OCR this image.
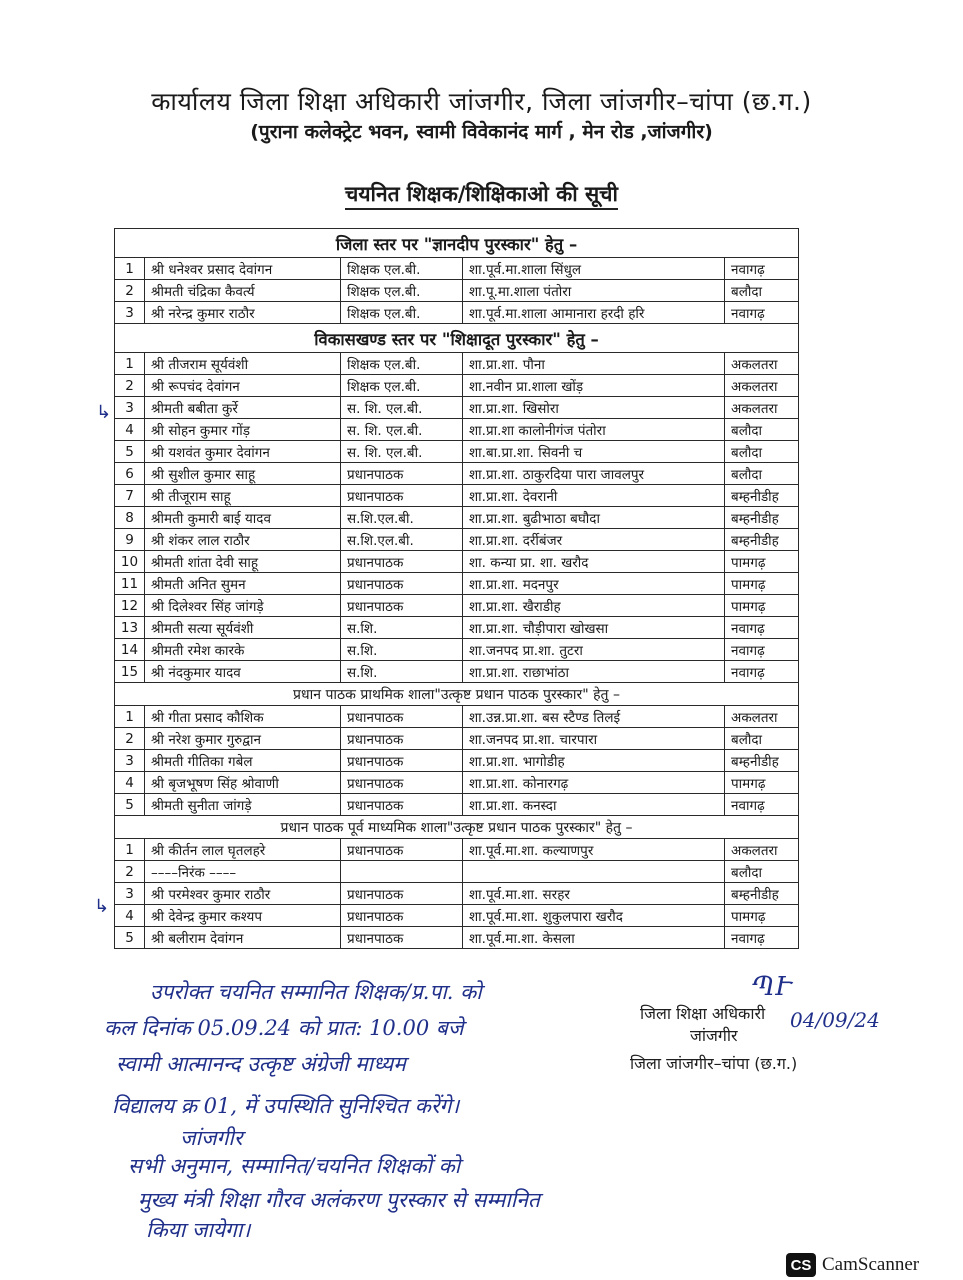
कार्यालय जिला शिक्षा अधिकारी जांजगीर, जिला जांजगीर–चांपा (छ.ग.)
(पुराना कलेक्ट्रेट भवन, स्वामी विवेकानंद मार्ग , मेन रोड ,जांजगीर)
चयनित शिक्षक/शिक्षिकाओ की सूची
जिला स्तर पर "ज्ञानदीप पुरस्कार" हेतु –				
1	श्री धनेश्वर प्रसाद देवांगन	शिक्षक एल.बी.	शा.पूर्व.मा.शाला सिंधुल	नवागढ़
2	श्रीमती चंद्रिका कैवर्त्य	शिक्षक एल.बी.	शा.पू.मा.शाला पंतोरा	बलौदा
3	श्री नरेन्द्र कुमार राठौर	शिक्षक एल.बी.	शा.पूर्व.मा.शाला आमानारा हरदी हरि	नवागढ़
विकासखण्ड स्तर पर "शिक्षादूत पुरस्कार" हेतु –				
1	श्री तीजराम सूर्यवंशी	शिक्षक एल.बी.	शा.प्रा.शा. पौना	अकलतरा
2	श्री रूपचंद देवांगन	शिक्षक एल.बी.	शा.नवीन प्रा.शाला खोंड़	अकलतरा
3	श्रीमती बबीता कुर्रे	स. शि. एल.बी.	शा.प्रा.शा. खिसोरा	अकलतरा
4	श्री सोहन कुमार गोंड़	स. शि. एल.बी.	शा.प्रा.शा कालोनीगंज पंतोरा	बलौदा
5	श्री यशवंत कुमार देवांगन	स. शि. एल.बी.	शा.बा.प्रा.शा. सिवनी च	बलौदा
6	श्री सुशील कुमार साहू	प्रधानपाठक	शा.प्रा.शा. ठाकुरदिया पारा जावलपुर	बलौदा
7	श्री तीजूराम साहू	प्रधानपाठक	शा.प्रा.शा. देवरानी	बम्हनीडीह
8	श्रीमती कुमारी बाई यादव	स.शि.एल.बी.	शा.प्रा.शा. बुढीभाठा बघौदा	बम्हनीडीह
9	श्री शंकर लाल राठौर	स.शि.एल.बी.	शा.प्रा.शा. दर्रीबंजर	बम्हनीडीह
10	श्रीमती शांता देवी साहू	प्रधानपाठक	शा. कन्या प्रा. शा. खरौद	पामगढ़
11	श्रीमती अनित सुमन	प्रधानपाठक	शा.प्रा.शा. मदनपुर	पामगढ़
12	श्री दिलेश्वर सिंह जांगड़े	प्रधानपाठक	शा.प्रा.शा. खैराडीह	पामगढ़
13	श्रीमती सत्या सूर्यवंशी	स.शि.	शा.प्रा.शा. चौड़ीपारा खोखसा	नवागढ़
14	श्रीमती रमेश कारके	स.शि.	शा.जनपद प्रा.शा. तुटरा	नवागढ़
15	श्री नंदकुमार यादव	स.शि.	शा.प्रा.शा. राछाभांठा	नवागढ़
प्रधान पाठक प्राथमिक शाला"उत्कृष्ट प्रधान पाठक पुरस्कार" हेतु –				
1	श्री गीता प्रसाद कौशिक	प्रधानपाठक	शा.उन्न.प्रा.शा. बस स्टैण्ड तिलई	अकलतरा
2	श्री नरेश कुमार गुरुद्वान	प्रधानपाठक	शा.जनपद प्रा.शा. चारपारा	बलौदा
3	श्रीमती गीतिका गबेल	प्रधानपाठक	शा.प्रा.शा. भागोडीह	बम्हनीडीह
4	श्री बृजभूषण सिंह श्रोवाणी	प्रधानपाठक	शा.प्रा.शा. कोनारगढ़	पामगढ़
5	श्रीमती सुनीता जांगड़े	प्रधानपाठक	शा.प्रा.शा. कनस्दा	नवागढ़
प्रधान पाठक पूर्व माध्यमिक शाला"उत्कृष्ट प्रधान पाठक पुरस्कार" हेतु –				
1	श्री कीर्तन लाल घृतलहरे	प्रधानपाठक	शा.पूर्व.मा.शा. कल्याणपुर	अकलतरा
2	––––निरंक ––––			बलौदा
3	श्री परमेश्वर कुमार राठौर	प्रधानपाठक	शा.पूर्व.मा.शा. सरहर	बम्हनीडीह
4	श्री देवेन्द्र कुमार कश्यप	प्रधानपाठक	शा.पूर्व.मा.शा. शुकुलपारा खरौद	पामगढ़
5	श्री बलीराम देवांगन	प्रधानपाठक	शा.पूर्व.मा.शा. केसला	नवागढ़
↳
↳
उपरोक्त चयनित सम्मानित शिक्षक/प्र.पा. को
कल दिनांक 05.09.24 को प्रात: 10.00 बजे
स्वामी आत्मानन्द उत्कृष्ट अंग्रेजी माध्यम
विद्यालय क्र 01, में उपस्थिति सुनिश्चित करेंगे।
जांजगीर
सभी अनुमान, सम्मानित/चयनित शिक्षकों को
मुख्य मंत्री शिक्षा गौरव अलंकरण पुरस्कार से सम्मानित
किया जायेगा।
जिला शिक्षा अधिकारी
जांजगीर
जिला जांजगीर–चांपा (छ.ग.)
ՊՒ
04/09/24
CS CamScanner
